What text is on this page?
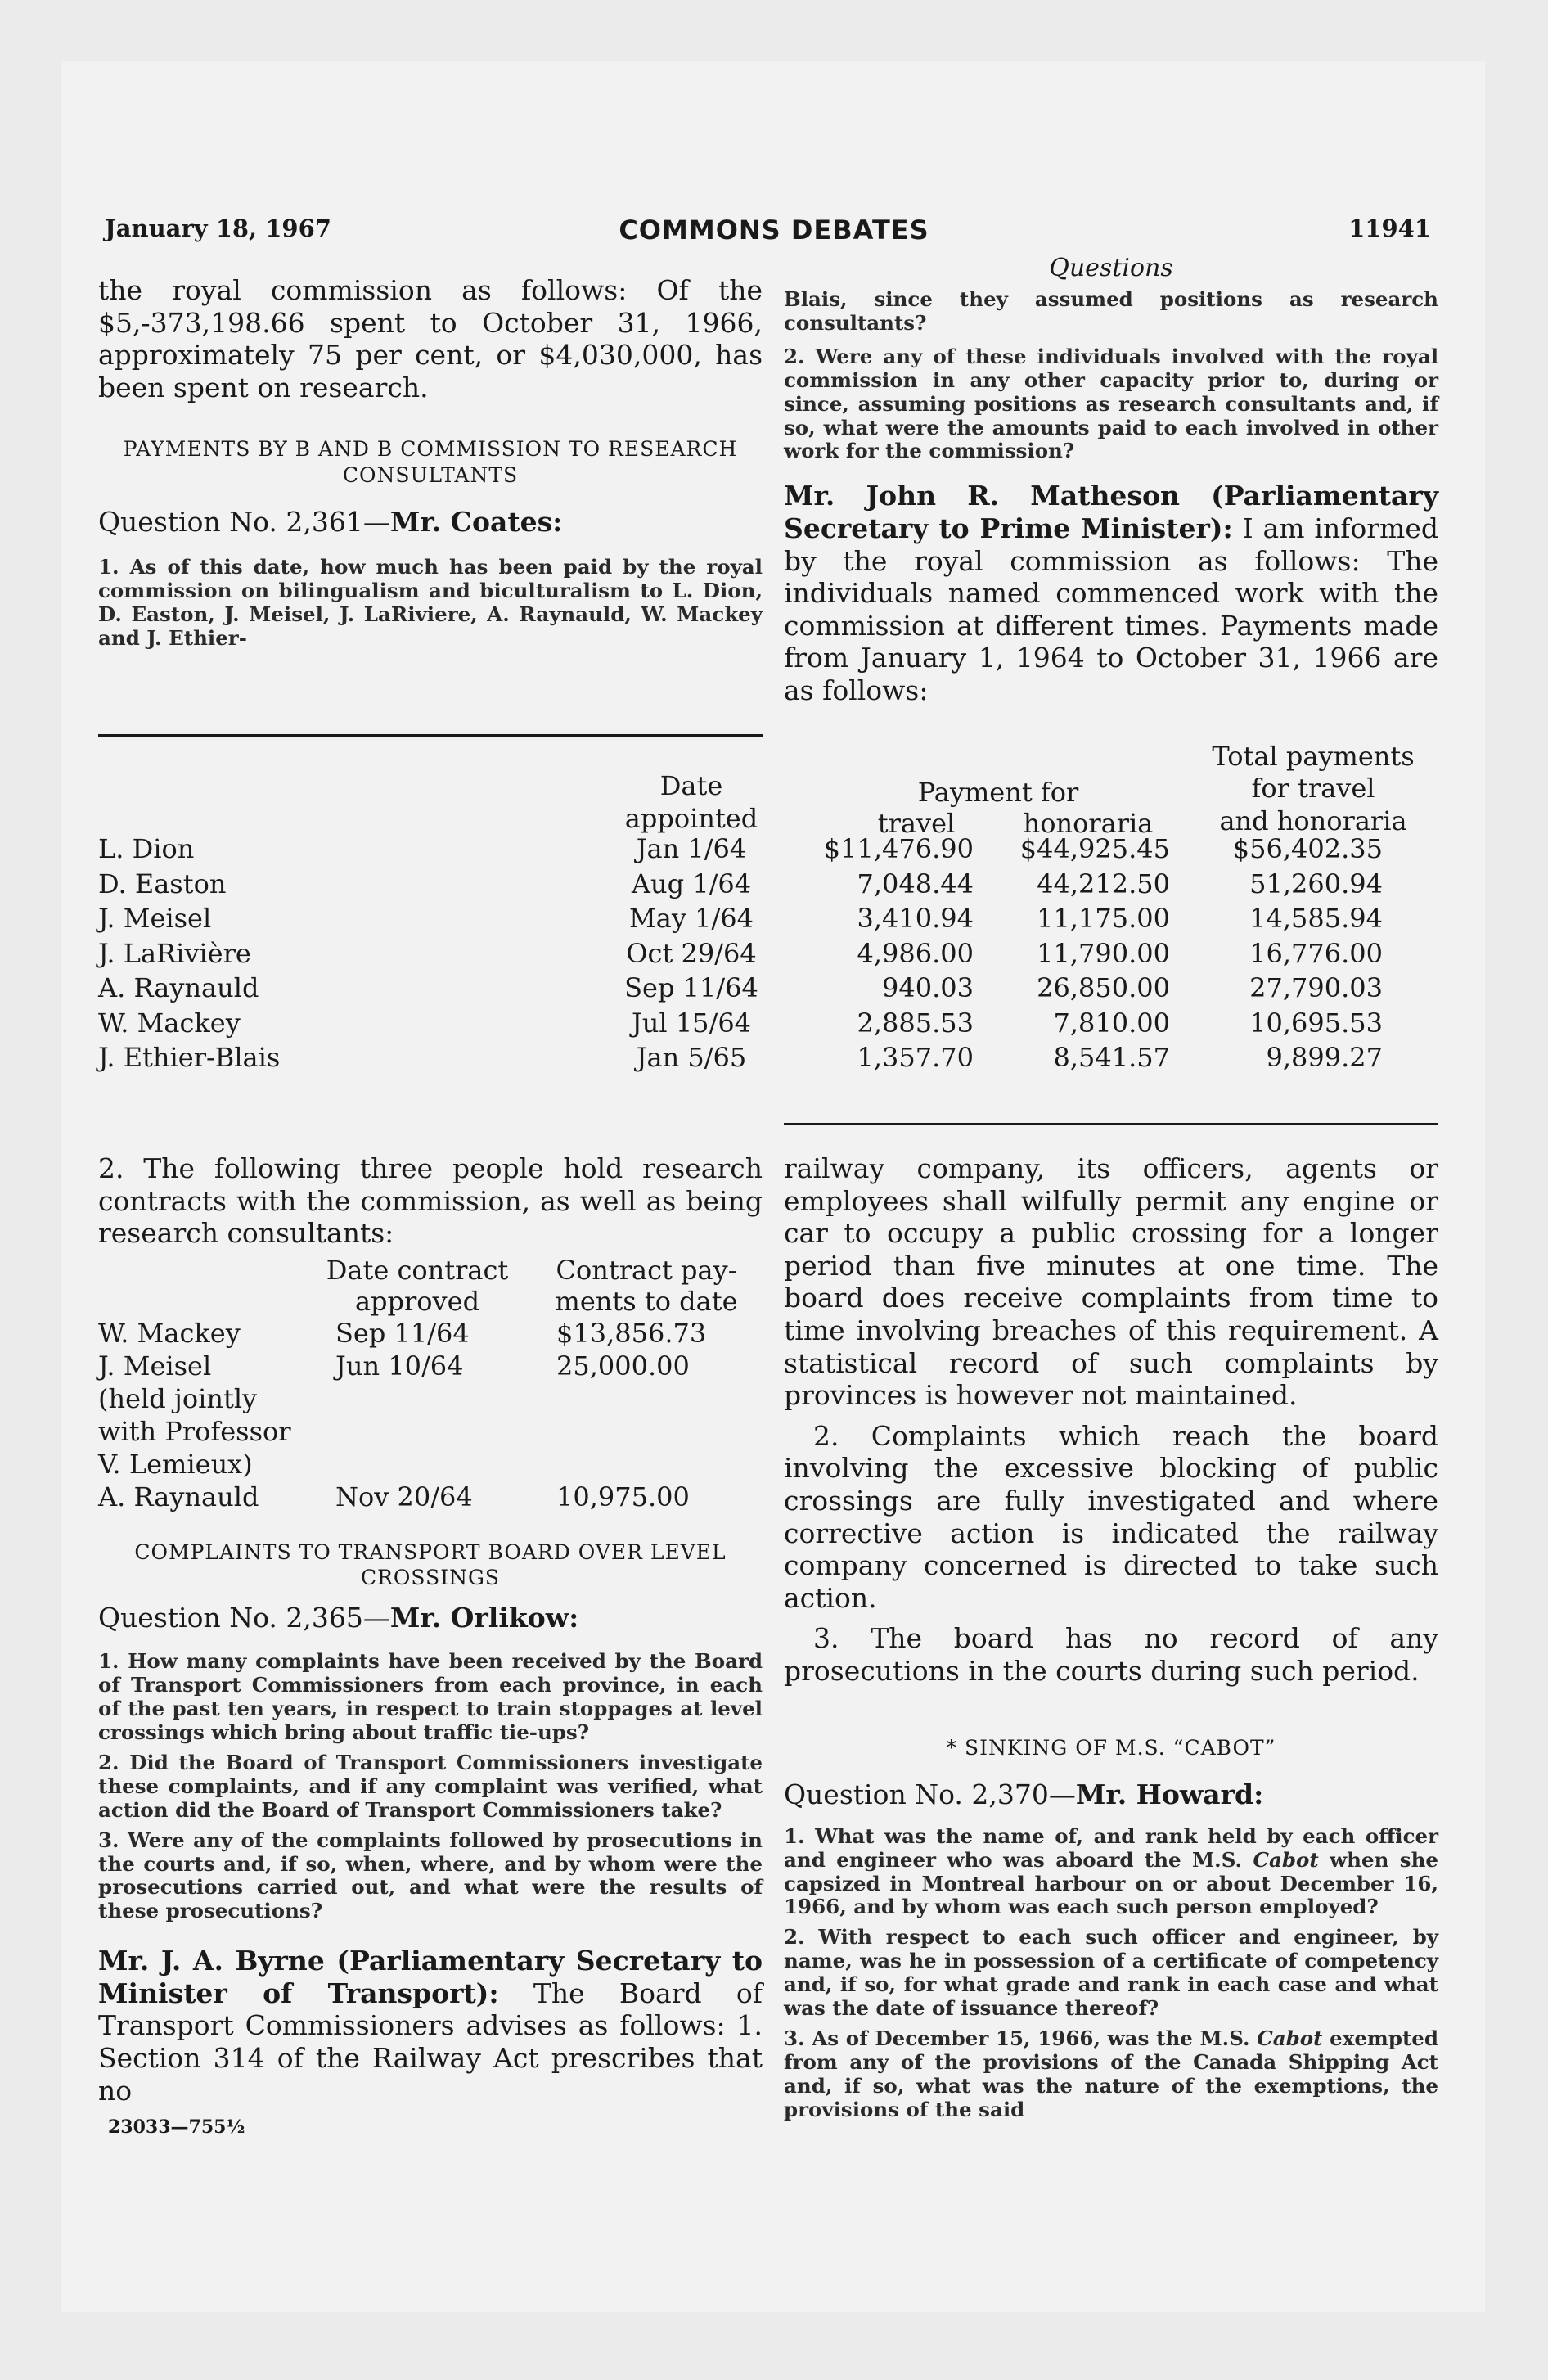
January 18, 1967	COMMONS DEBATES	11941
Questions

the royal commission as follows: Of the $5,-373,198.66 spent to October 31, 1966, approximately 75 per cent, or $4,030,000, has been spent on research.

PAYMENTS BY B AND B COMMISSION TO RESEARCH CONSULTANTS
Question No. 2,361—Mr. Coates:

1. As of this date, how much has been paid by the royal commission on bilingualism and biculturalism to L. Dion, D. Easton, J. Meisel, J. LaRiviere, A. Raynauld, W. Mackey and J. Ethier-

Blais, since they assumed positions as research consultants?

2. Were any of these individuals involved with the royal commission in any other capacity prior to, during or since, assuming positions as research consultants and, if so, what were the amounts paid to each involved in other work for the commission?

Mr. John R. Matheson (Parliamentary Secretary to Prime Minister): I am informed by the royal commission as follows: The individuals named commenced work with the commission at different times. Payments made from January 1, 1964 to October 31, 1966 are as follows:

Date
appointed
Payment for
travel	honoraria
Total payments
for travel
and honoraria
L. Dion	Jan 1/64	$11,476.90	$44,925.45	$56,402.35
D. Easton	Aug 1/64	7,048.44	44,212.50	51,260.94
J. Meisel	May 1/64	3,410.94	11,175.00	14,585.94
J. LaRivière	Oct 29/64	4,986.00	11,790.00	16,776.00
A. Raynauld	Sep 11/64	940.03	26,850.00	27,790.03
W. Mackey	Jul 15/64	2,885.53	7,810.00	10,695.53
J. Ethier-Blais	Jan 5/65	1,357.70	8,541.57	9,899.27

2. The following three people hold research contracts with the commission, as well as being research consultants:

Date contract
approved
Contract pay-
ments to date
W. Mackey	Sep 11/64	$13,856.73
J. Meisel	Jun 10/64	25,000.00
(held jointly
with Professor
V. Lemieux)
A. Raynauld	Nov 20/64	10,975.00
COMPLAINTS TO TRANSPORT BOARD OVER LEVEL CROSSINGS
Question No. 2,365—Mr. Orlikow:

1. How many complaints have been received by the Board of Transport Commissioners from each province, in each of the past ten years, in respect to train stoppages at level crossings which bring about traffic tie-ups?

2. Did the Board of Transport Commissioners investigate these complaints, and if any complaint was verified, what action did the Board of Transport Commissioners take?

3. Were any of the complaints followed by prosecutions in the courts and, if so, when, where, and by whom were the prosecutions carried out, and what were the results of these prosecutions?

Mr. J. A. Byrne (Parliamentary Secretary to Minister of Transport): The Board of Transport Commissioners advises as follows: 1. Section 314 of the Railway Act prescribes that no

23033—755½

railway company, its officers, agents or employees shall wilfully permit any engine or car to occupy a public crossing for a longer period than five minutes at one time. The board does receive complaints from time to time involving breaches of this requirement. A statistical record of such complaints by provinces is however not maintained.

2. Complaints which reach the board involving the excessive blocking of public crossings are fully investigated and where corrective action is indicated the railway company concerned is directed to take such action.

3. The board has no record of any prosecutions in the courts during such period.

* SINKING OF M.S. “CABOT”
Question No. 2,370—Mr. Howard:

1. What was the name of, and rank held by each officer and engineer who was aboard the M.S. Cabot when she capsized in Montreal harbour on or about December 16, 1966, and by whom was each such person employed?

2. With respect to each such officer and engineer, by name, was he in possession of a certificate of competency and, if so, for what grade and rank in each case and what was the date of issuance thereof?

3. As of December 15, 1966, was the M.S. Cabot exempted from any of the provisions of the Canada Shipping Act and, if so, what was the nature of the exemptions, the provisions of the said
